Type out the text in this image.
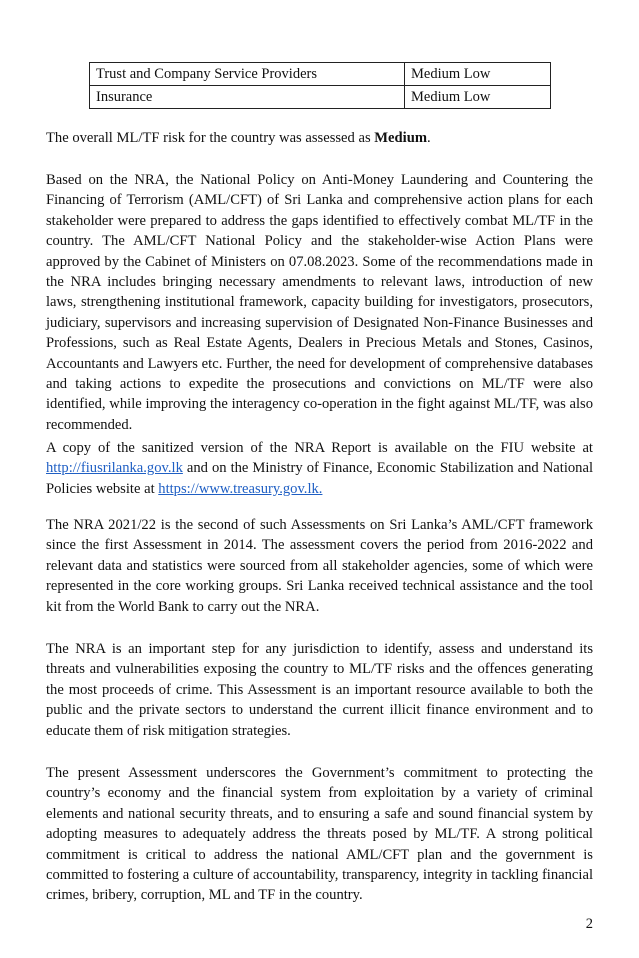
Trust and Company Service Providers	Medium Low
Insurance	Medium Low

The overall ML/TF risk for the country was assessed as Medium.

Based on the NRA, the National Policy on Anti-Money Laundering and Countering the Financing of Terrorism (AML/CFT) of Sri Lanka and comprehensive action plans for each stakeholder were prepared to address the gaps identified to effectively combat ML/TF in the country. The AML/CFT National Policy and the stakeholder-wise Action Plans were approved by the Cabinet of Ministers on 07.08.2023. Some of the recommendations made in the NRA includes bringing necessary amendments to relevant laws, introduction of new laws, strengthening institutional framework, capacity building for investigators, prosecutors, judiciary, supervisors and increasing supervision of Designated Non-Finance Businesses and Professions, such as Real Estate Agents, Dealers in Precious Metals and Stones, Casinos, Accountants and Lawyers etc. Further, the need for development of comprehensive databases and taking actions to expedite the prosecutions and convictions on ML/TF were also identified, while improving the interagency co-operation in the fight against ML/TF, was also recommended.

A copy of the sanitized version of the NRA Report is available on the FIU website at http://fiusrilanka.gov.lk and on the Ministry of Finance, Economic Stabilization and National Policies website at https://www.treasury.gov.lk.

The NRA 2021/22 is the second of such Assessments on Sri Lanka’s AML/CFT framework since the first Assessment in 2014. The assessment covers the period from 2016-2022 and relevant data and statistics were sourced from all stakeholder agencies, some of which were represented in the core working groups. Sri Lanka received technical assistance and the tool kit from the World Bank to carry out the NRA.

The NRA is an important step for any jurisdiction to identify, assess and understand its threats and vulnerabilities exposing the country to ML/TF risks and the offences generating the most proceeds of crime. This Assessment is an important resource available to both the public and the private sectors to understand the current illicit finance environment and to educate them of risk mitigation strategies.

The present Assessment underscores the Government’s commitment to protecting the country’s economy and the financial system from exploitation by a variety of criminal elements and national security threats, and to ensuring a safe and sound financial system by adopting measures to adequately address the threats posed by ML/TF. A strong political commitment is critical to address the national AML/CFT plan and the government is committed to fostering a culture of accountability, transparency, integrity in tackling financial crimes, bribery, corruption, ML and TF in the country.

2
